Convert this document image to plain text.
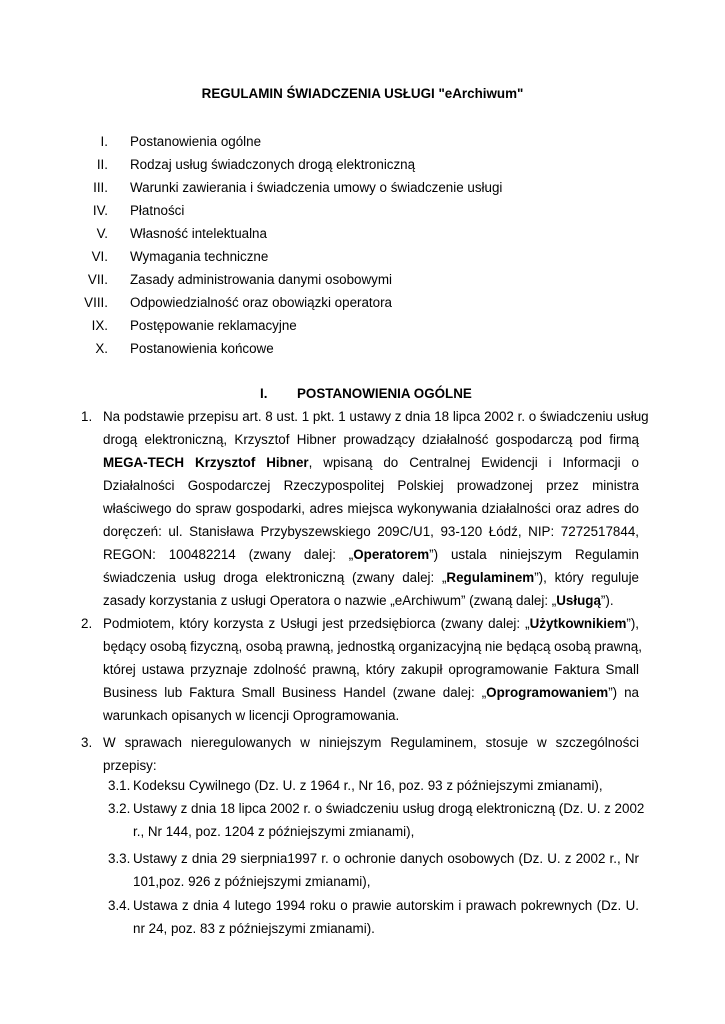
REGULAMIN ŚWIADCZENIA USŁUGI "eArchiwum"
I. Postanowienia ogólne
II. Rodzaj usług świadczonych drogą elektroniczną
III. Warunki zawierania i świadczenia umowy o świadczenie usługi
IV. Płatności
V. Własność intelektualna
VI. Wymagania techniczne
VII. Zasady administrowania danymi osobowymi
VIII. Odpowiedzialność oraz obowiązki operatora
IX. Postępowanie reklamacyjne
X. Postanowienia końcowe
I. POSTANOWIENIA OGÓLNE
1. Na podstawie przepisu art. 8 ust. 1 pkt. 1 ustawy z dnia 18 lipca 2002 r. o świadczeniu usług
drogą elektroniczną, Krzysztof Hibner prowadzący działalność gospodarczą pod firmą
MEGA-TECH Krzysztof Hibner, wpisaną do Centralnej Ewidencji i Informacji o
Działalności Gospodarczej Rzeczypospolitej Polskiej prowadzonej przez ministra
właściwego do spraw gospodarki, adres miejsca wykonywania działalności oraz adres do
doręczeń: ul. Stanisława Przybyszewskiego 209C/U1, 93-120 Łódź, NIP: 7272517844,
REGON: 100482214 (zwany dalej: „Operatorem”) ustala niniejszym Regulamin
świadczenia usług droga elektroniczną (zwany dalej: „Regulaminem”), który reguluje
zasady korzystania z usługi Operatora o nazwie „eArchiwum” (zwaną dalej: „Usługą”).
2. Podmiotem, który korzysta z Usługi jest przedsiębiorca (zwany dalej: „Użytkownikiem”),
będący osobą fizyczną, osobą prawną, jednostką organizacyjną nie będącą osobą prawną,
której ustawa przyznaje zdolność prawną, który zakupił oprogramowanie Faktura Small
Business lub Faktura Small Business Handel (zwane dalej: „Oprogramowaniem”) na
warunkach opisanych w licencji Oprogramowania.
3. W sprawach nieregulowanych w niniejszym Regulaminem, stosuje w szczególności
przepisy:
3.1. Kodeksu Cywilnego (Dz. U. z 1964 r., Nr 16, poz. 93 z późniejszymi zmianami),
3.2. Ustawy z dnia 18 lipca 2002 r. o świadczeniu usług drogą elektroniczną (Dz. U. z 2002
r., Nr 144, poz. 1204 z późniejszymi zmianami),
3.3. Ustawy z dnia 29 sierpnia1997 r. o ochronie danych osobowych (Dz. U. z 2002 r., Nr
101,poz. 926 z późniejszymi zmianami),
3.4. Ustawa z dnia 4 lutego 1994 roku o prawie autorskim i prawach pokrewnych (Dz. U.
nr 24, poz. 83 z późniejszymi zmianami).
